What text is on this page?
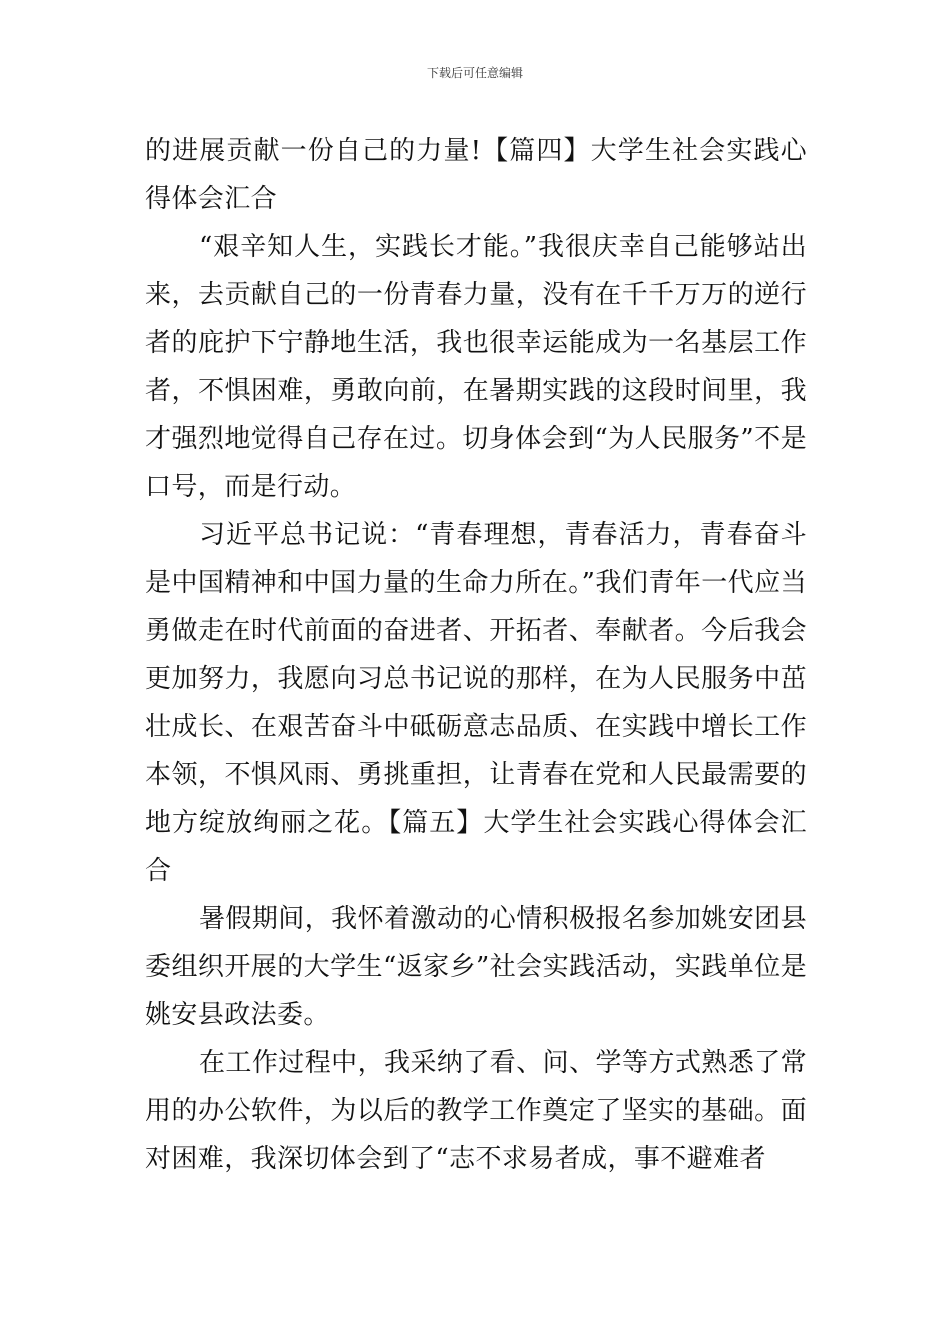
下载后可任意编辑

的进展贡献一份自己的力量!【篇四】大学生社会实践心得体会汇合

“艰辛知人生，实践长才能。”我很庆幸自己能够站出来，去贡献自己的一份青春力量，没有在千千万万的逆行者的庇护下宁静地生活，我也很幸运能成为一名基层工作者，不惧困难，勇敢向前，在暑期实践的这段时间里，我才强烈地觉得自己存在过。切身体会到“为人民服务”不是口号，而是行动。

习近平总书记说：“青春理想，青春活力，青春奋斗是中国精神和中国力量的生命力所在。”我们青年一代应当勇做走在时代前面的奋进者、开拓者、奉献者。今后我会更加努力，我愿向习总书记说的那样，在为人民服务中茁壮成长、在艰苦奋斗中砥砺意志品质、在实践中增长工作本领，不惧风雨、勇挑重担，让青春在党和人民最需要的地方绽放绚丽之花。【篇五】大学生社会实践心得体会汇合

暑假期间，我怀着激动的心情积极报名参加姚安团县委组织开展的大学生“返家乡”社会实践活动，实践单位是姚安县政法委。

在工作过程中，我采纳了看、问、学等方式熟悉了常用的办公软件，为以后的教学工作奠定了坚实的基础。面对困难，我深切体会到了“志不求易者成，事不避难者
